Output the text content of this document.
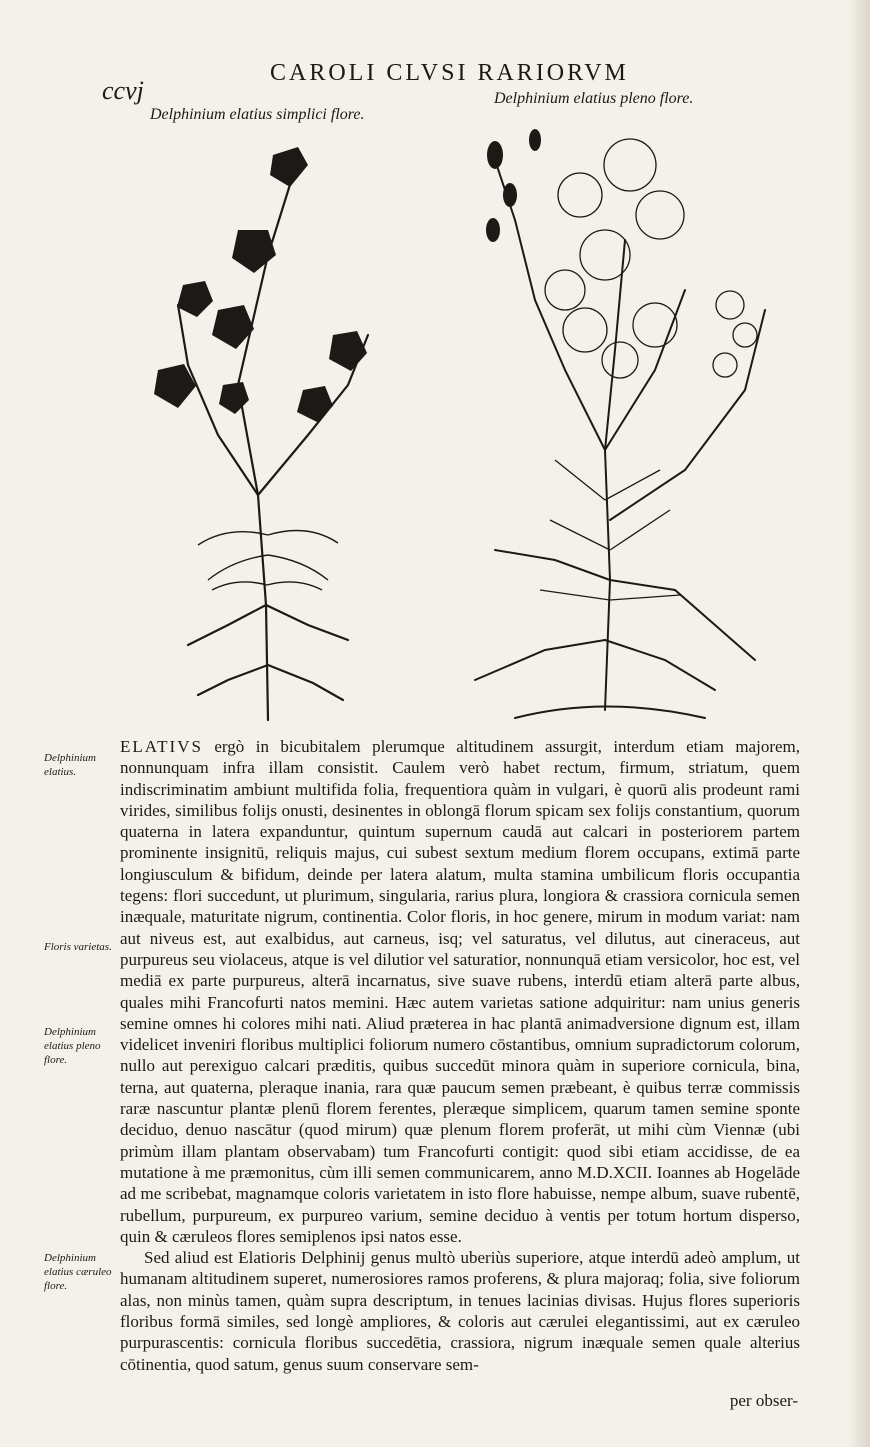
ccvj
CAROLI CLVSI RARIORVM
Delphinium elatius simplici flore.
Delphinium elatius pleno flore.
Delphinium elatius.
Floris varietas.
Delphinium elatius pleno flore.
Delphinium elatius cæruleo flore.

ELATIVS ergò in bicubitalem plerumque altitudinem assurgit, interdum etiam majorem, nonnunquam infra illam consistit. Caulem verò habet rectum, firmum, striatum, quem indiscriminatim ambiunt multifida folia, frequentiora quàm in vulgari, è quorū alis prodeunt rami virides, similibus folijs onusti, desinentes in oblongā florum spicam sex folijs constantium, quorum quaterna in latera expanduntur, quintum supernum caudā aut calcari in posteriorem partem prominente insignitū, reliquis majus, cui subest sextum medium florem occupans, extimā parte longiusculum & bifidum, deinde per latera alatum, multa stamina umbilicum floris occupantia tegens: flori succedunt, ut plurimum, singularia, rarius plura, longiora & crassiora cornicula semen inæquale, maturitate nigrum, continentia. Color floris, in hoc genere, mirum in modum variat: nam aut niveus est, aut exalbidus, aut carneus, isq; vel saturatus, vel dilutus, aut cineraceus, aut purpureus seu violaceus, atque is vel dilutior vel saturatior, nonnunquā etiam versicolor, hoc est, vel mediā ex parte purpureus, alterā incarnatus, sive suave rubens, interdū etiam alterā parte albus, quales mihi Francofurti natos memini. Hæc autem varietas satione adquiritur: nam unius generis semine omnes hi colores mihi nati. Aliud præterea in hac plantā animadversione dignum est, illam videlicet inveniri floribus multiplici foliorum numero cōstantibus, omnium supradictorum colorum, nullo aut perexiguo calcari præditis, quibus succedūt minora quàm in superiore cornicula, bina, terna, aut quaterna, pleraque inania, rara quæ paucum semen præbeant, è quibus terræ commissis raræ nascuntur plantæ plenū florem ferentes, pleræque simplicem, quarum tamen semine sponte deciduo, denuo nascātur (quod mirum) quæ plenum florem proferāt, ut mihi cùm Viennæ (ubi primùm illam plantam observabam) tum Francofurti contigit: quod sibi etiam accidisse, de ea mutatione à me præmonitus, cùm illi semen communicarem, anno M.D.XCII. Ioannes ab Hogelāde ad me scribebat, magnamque coloris varietatem in isto flore habuisse, nempe album, suave rubentē, rubellum, purpureum, ex purpureo varium, semine deciduo à ventis per totum hortum disperso, quin & cæruleos flores semiplenos ipsi natos esse.

Sed aliud est Elatioris Delphinij genus multò uberiùs superiore, atque interdū adeò amplum, ut humanam altitudinem superet, numerosiores ramos proferens, & plura majoraq; folia, sive foliorum alas, non minùs tamen, quàm supra descriptum, in tenues lacinias divisas. Hujus flores superioris floribus formā similes, sed longè ampliores, & coloris aut cærulei elegantissimi, aut ex cæruleo purpurascentis: cornicula floribus succedētia, crassiora, nigrum inæquale semen quale alterius cōtinentia, quod satum, genus suum conservare sem-

per obser-
